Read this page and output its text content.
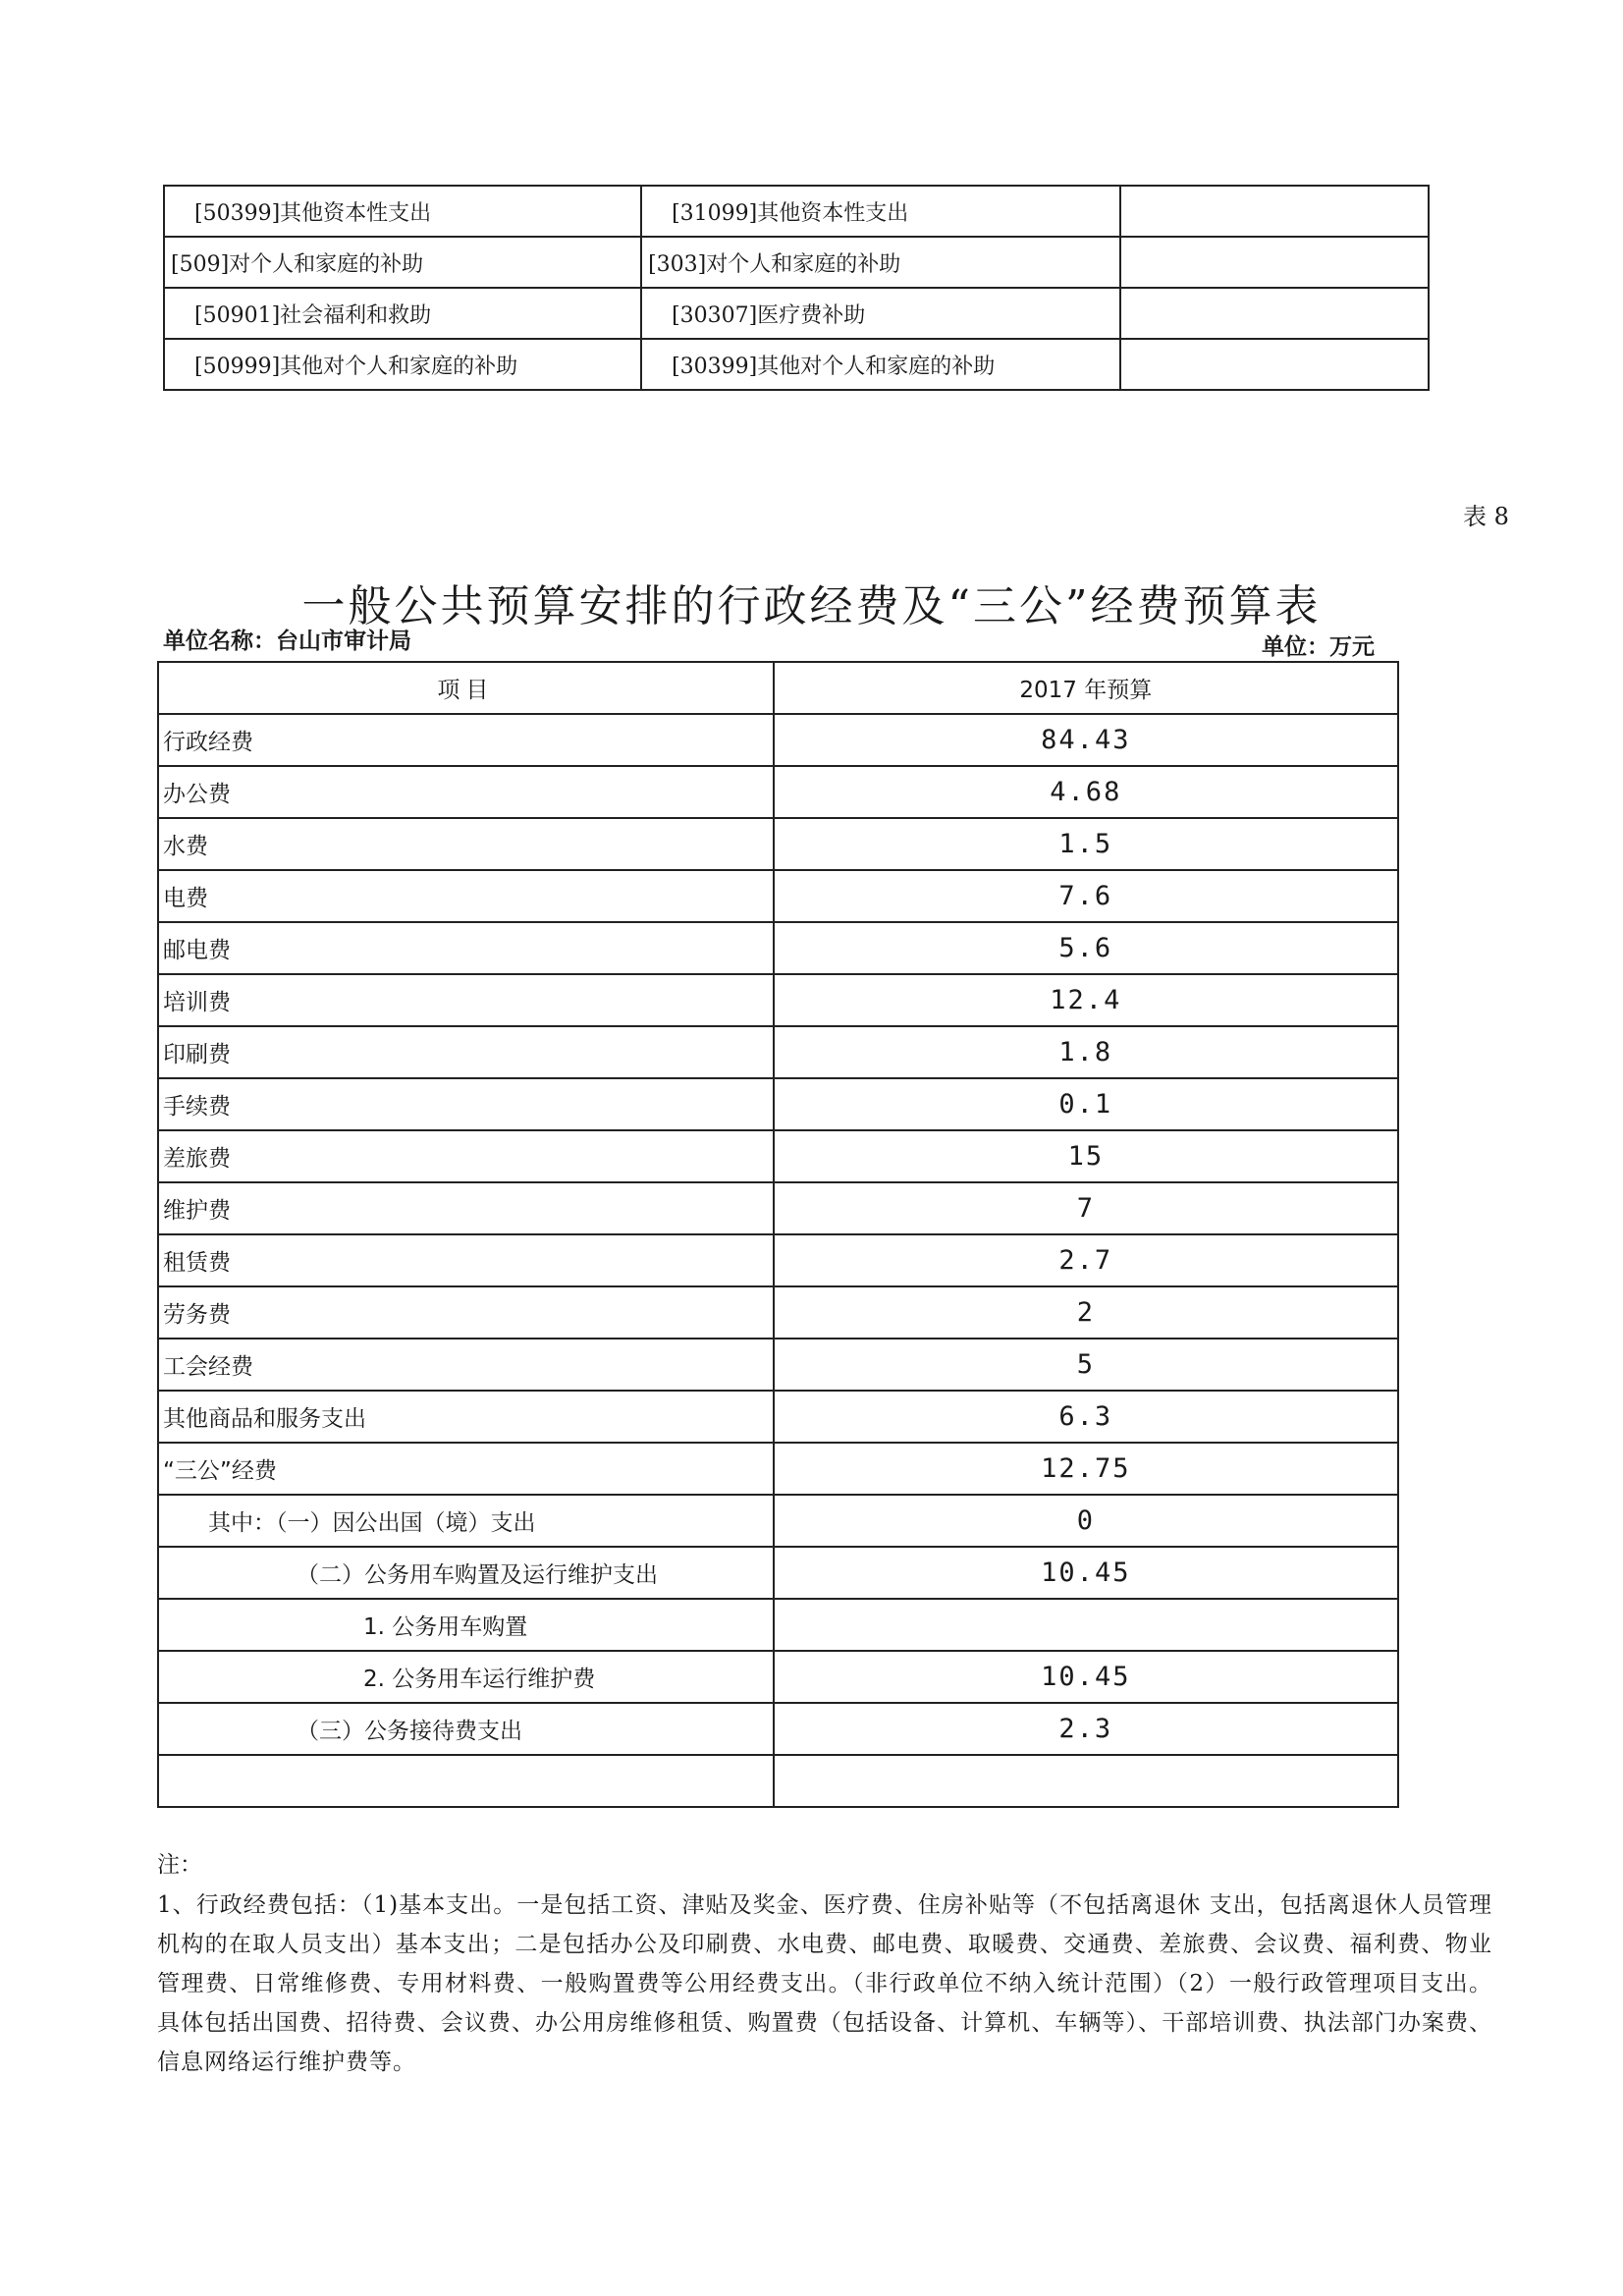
[50399]其他资本性支出	[31099]其他资本性支出	
[509]对个人和家庭的补助	[303]对个人和家庭的补助	
[50901]社会福利和救助	[30307]医疗费补助	
[50999]其他对个人和家庭的补助	[30399]其他对个人和家庭的补助	
表 8
一般公共预算安排的行政经费及“三公”经费预算表
单位名称：台山市审计局	单位：万元
项目	2017 年预算
行政经费	84.43
办公费	4.68
水费	1.5
电费	7.6
邮电费	5.6
培训费	12.4
印刷费	1.8
手续费	0.1
差旅费	15
维护费	7
租赁费	2.7
劳务费	2
工会经费	5
其他商品和服务支出	6.3
“三公”经费	12.75
其中：（一）因公出国（境）支出	0
（二）公务用车购置及运行维护支出	10.45
1. 公务用车购置	
2. 公务用车运行维护费	10.45
（三）公务接待费支出	2.3

注：
1、行政经费包括：（1)基本支出。一是包括工资、津贴及奖金、医疗费、住房补贴等（不包括离退休 支出，包括离退休人员管理机构的在取人员支出）基本支出；二是包括办公及印刷费、水电费、邮电费、取暖费、交通费、差旅费、会议费、福利费、物业管理费、日常维修费、专用材料费、一般购置费等公用经费支出。（非行政单位不纳入统计范围）（2）一般行政管理项目支出。具体包括出国费、招待费、会议费、办公用房维修租赁、购置费（包括设备、计算机、车辆等）、干部培训费、执法部门办案费、信息网络运行维护费等。
